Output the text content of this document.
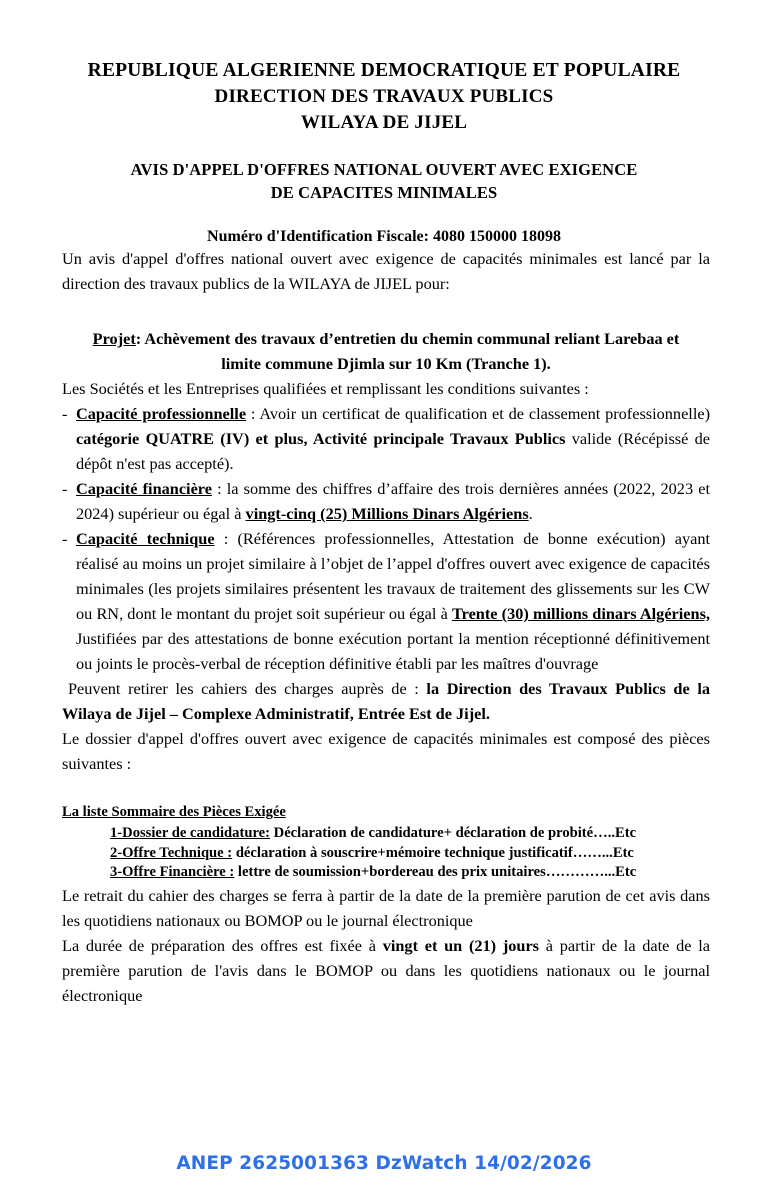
REPUBLIQUE ALGERIENNE DEMOCRATIQUE ET POPULAIRE
DIRECTION DES TRAVAUX PUBLICS
WILAYA DE JIJEL
AVIS D'APPEL D'OFFRES NATIONAL OUVERT AVEC EXIGENCE
DE CAPACITES MINIMALES
Numéro d'Identification Fiscale: 4080 150000 18098

Un avis d'appel d'offres national ouvert avec exigence de capacités minimales est lancé par la direction des travaux publics de la WILAYA de JIJEL pour:

Projet: Achèvement des travaux d’entretien du chemin communal reliant Larebaa et limite commune Djimla sur 10 Km (Tranche 1).

Les Sociétés et les Entreprises qualifiées et remplissant les conditions suivantes :

- Capacité professionnelle : Avoir un certificat de qualification et de classement professionnelle) catégorie QUATRE (IV) et plus, Activité principale Travaux Publics valide (Récépissé de dépôt n'est pas accepté).
- Capacité financière : la somme des chiffres d’affaire des trois dernières années (2022, 2023 et 2024) supérieur ou égal à vingt-cinq (25) Millions Dinars Algériens.
- Capacité technique : (Références professionnelles, Attestation de bonne exécution) ayant réalisé au moins un projet similaire à l’objet de l’appel d'offres ouvert avec exigence de capacités minimales (les projets similaires présentent les travaux de traitement des glissements sur les CW ou RN, dont le montant du projet soit supérieur ou égal à Trente (30) millions dinars Algériens, Justifiées par des attestations de bonne exécution portant la mention réceptionné définitivement ou joints le procès-verbal de réception définitive établi par les maîtres d'ouvrage

Peuvent retirer les cahiers des charges auprès de : la Direction des Travaux Publics de la Wilaya de Jijel – Complexe Administratif, Entrée Est de Jijel.

Le dossier d'appel d'offres ouvert avec exigence de capacités minimales est composé des pièces suivantes :

La liste Sommaire des Pièces Exigée
1-Dossier de candidature: Déclaration de candidature+ déclaration de probité…..Etc
2-Offre Technique : déclaration à souscrire+mémoire technique justificatif……...Etc
3-Offre Financière : lettre de soumission+bordereau des prix unitaires…………...Etc

Le retrait du cahier des charges se ferra à partir de la date de la première parution de cet avis dans les quotidiens nationaux ou BOMOP ou le journal électronique

La durée de préparation des offres est fixée à vingt et un (21) jours à partir de la date de la première parution de l'avis dans le BOMOP ou dans les quotidiens nationaux ou le journal électronique

ANEP 2625001363 DzWatch 14/02/2026
